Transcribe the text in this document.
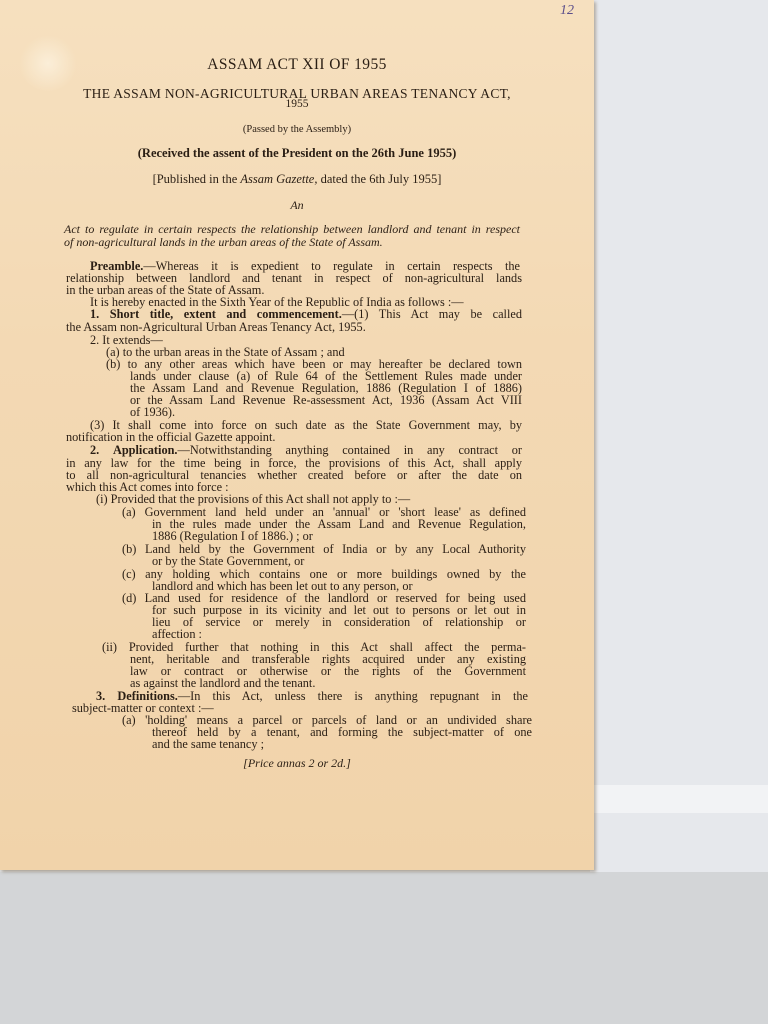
12
ASSAM ACT XII OF 1955
THE ASSAM NON-AGRICULTURAL URBAN AREAS TENANCY ACT,
1955
(Passed by the Assembly)
(Received the assent of the President on the 26th June 1955)
[Published in the Assam Gazette, dated the 6th July 1955]
An
Act to regulate in certain respects the relationship between landlord and tenant in respect
of non-agricultural lands in the urban areas of the State of Assam.
Preamble.—Whereas it is expedient to regulate in certain respects the
relationship between landlord and tenant in respect of non-agricultural lands
in the urban areas of the State of Assam.
It is hereby enacted in the Sixth Year of the Republic of India as follows :—
1. Short title, extent and commencement.—(1) This Act may be called
the Assam non-Agricultural Urban Areas Tenancy Act, 1955.
2. It extends—
(a) to the urban areas in the State of Assam ; and
(b) to any other areas which have been or may hereafter be declared town
lands under clause (a) of Rule 64 of the Settlement Rules made under
the Assam Land and Revenue Regulation, 1886 (Regulation I of 1886)
or the Assam Land Revenue Re-assessment Act, 1936 (Assam Act VIII
of 1936).
(3) It shall come into force on such date as the State Government may, by
notification in the official Gazette appoint.
2. Application.—Notwithstanding anything contained in any contract or
in any law for the time being in force, the provisions of this Act, shall apply
to all non-agricultural tenancies whether created before or after the date on
which this Act comes into force :
(i) Provided that the provisions of this Act shall not apply to :—
(a) Government land held under an 'annual' or 'short lease' as defined
in the rules made under the Assam Land and Revenue Regulation,
1886 (Regulation I of 1886.) ; or
(b) Land held by the Government of India or by any Local Authority
or by the State Government, or
(c) any holding which contains one or more buildings owned by the
landlord and which has been let out to any person, or
(d) Land used for residence of the landlord or reserved for being used
for such purpose in its vicinity and let out to persons or let out in
lieu of service or merely in consideration of relationship or
affection :
(ii) Provided further that nothing in this Act shall affect the perma-
nent, heritable and transferable rights acquired under any existing
law or contract or otherwise or the rights of the Government
as against the landlord and the tenant.
3. Definitions.—In this Act, unless there is anything repugnant in the
subject-matter or context :—
(a) 'holding' means a parcel or parcels of land or an undivided share
thereof held by a tenant, and forming the subject-matter of one
and the same tenancy ;
[Price annas 2 or 2d.]
